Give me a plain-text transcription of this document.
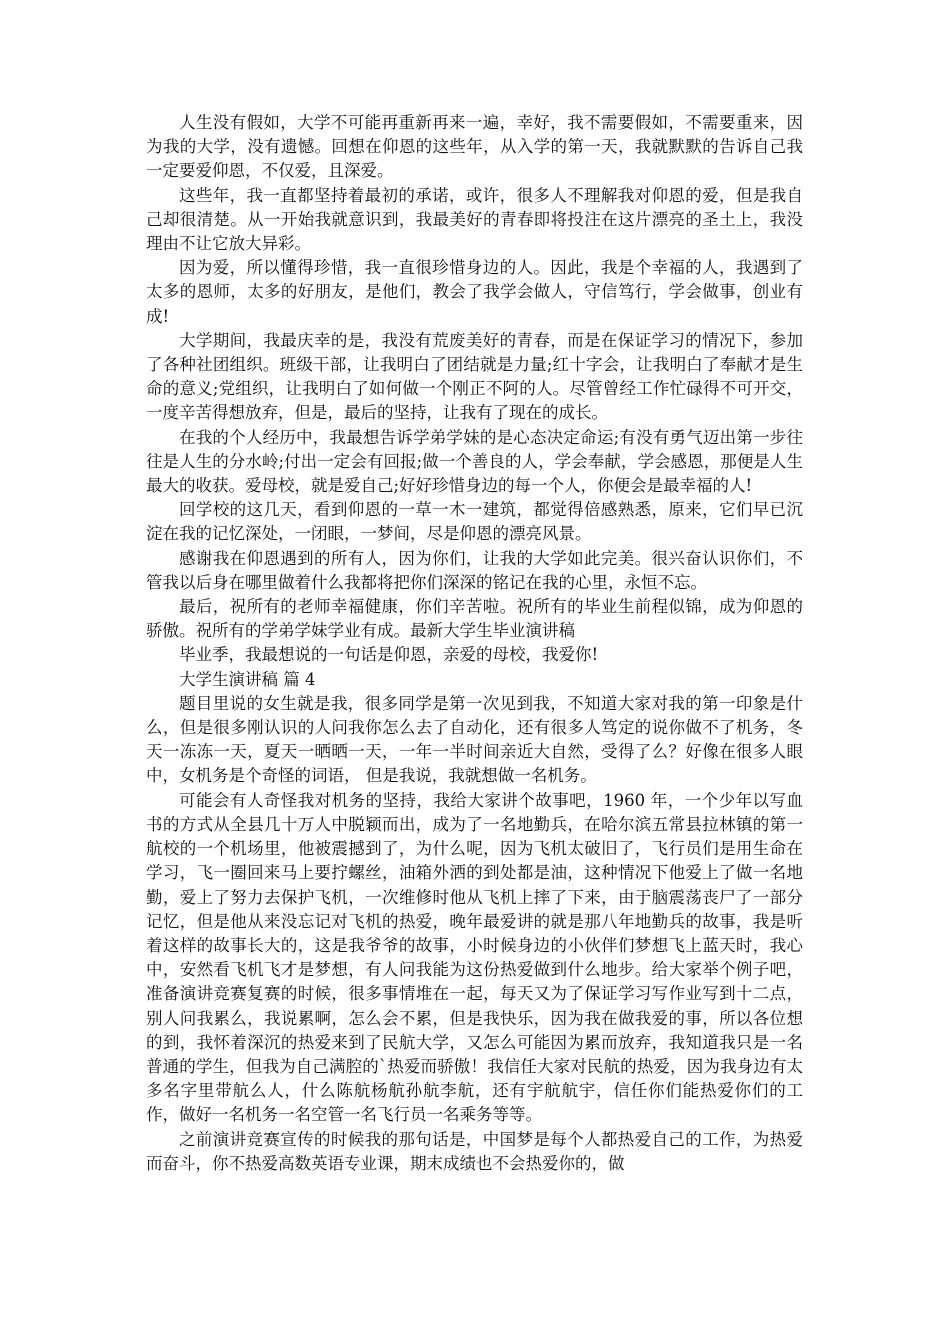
人生没有假如，大学不可能再重新再来一遍，幸好，我不需要假如，不需要重来，因为我的大学，没有遗憾。回想在仰恩的这些年，从入学的第一天，我就默默的告诉自己我一定要爱仰恩，不仅爱，且深爱。

这些年，我一直都坚持着最初的承诺，或许，很多人不理解我对仰恩的爱，但是我自己却很清楚。从一开始我就意识到，我最美好的青春即将投注在这片漂亮的圣土上，我没理由不让它放大异彩。

因为爱，所以懂得珍惜，我一直很珍惜身边的人。因此，我是个幸福的人，我遇到了太多的恩师，太多的好朋友，是他们，教会了我学会做人，守信笃行，学会做事，创业有成!

大学期间，我最庆幸的是，我没有荒废美好的青春，而是在保证学习的情况下，参加了各种社团组织。班级干部，让我明白了团结就是力量;红十字会，让我明白了奉献才是生命的意义;党组织，让我明白了如何做一个刚正不阿的人。尽管曾经工作忙碌得不可开交，一度辛苦得想放弃，但是，最后的坚持，让我有了现在的成长。

在我的个人经历中，我最想告诉学弟学妹的是心态决定命运;有没有勇气迈出第一步往往是人生的分水岭;付出一定会有回报;做一个善良的人，学会奉献，学会感恩，那便是人生最大的收获。爱母校，就是爱自己;好好珍惜身边的每一个人，你便会是最幸福的人!

回学校的这几天，看到仰恩的一草一木一建筑，都觉得倍感熟悉，原来，它们早已沉淀在我的记忆深处，一闭眼，一梦间，尽是仰恩的漂亮风景。

感谢我在仰恩遇到的所有人，因为你们，让我的大学如此完美。很兴奋认识你们，不管我以后身在哪里做着什么我都将把你们深深的铭记在我的心里，永恒不忘。

最后，祝所有的老师幸福健康，你们辛苦啦。祝所有的毕业生前程似锦，成为仰恩的骄傲。祝所有的学弟学妹学业有成。最新大学生毕业演讲稿

毕业季，我最想说的一句话是仰恩，亲爱的母校，我爱你!

大学生演讲稿 篇 4

题目里说的女生就是我，很多同学是第一次见到我，不知道大家对我的第一印象是什么，但是很多刚认识的人问我你怎么去了自动化，还有很多人笃定的说你做不了机务，冬天一冻冻一天，夏天一晒晒一天，一年一半时间亲近大自然，受得了么？好像在很多人眼中，女机务是个奇怪的词语， 但是我说，我就想做一名机务。

可能会有人奇怪我对机务的坚持，我给大家讲个故事吧，1960 年，一个少年以写血书的方式从全县几十万人中脱颖而出，成为了一名地勤兵，在哈尔滨五常县拉林镇的第一航校的一个机场里，他被震撼到了，为什么呢，因为飞机太破旧了，飞行员们是用生命在学习，飞一圈回来马上要拧螺丝，油箱外洒的到处都是油，这种情况下他爱上了做一名地勤，爱上了努力去保护飞机，一次维修时他从飞机上摔了下来，由于脑震荡丧尸了一部分记忆，但是他从来没忘记对飞机的热爱，晚年最爱讲的就是那八年地勤兵的故事，我是听着这样的故事长大的，这是我爷爷的故事，小时候身边的小伙伴们梦想飞上蓝天时，我心中，安然看飞机飞才是梦想，有人问我能为这份热爱做到什么地步。给大家举个例子吧，准备演讲竞赛复赛的时候，很多事情堆在一起，每天又为了保证学习写作业写到十二点，别人问我累么，我说累啊，怎么会不累，但是我快乐，因为我在做我爱的事，所以各位想的到，我怀着深沉的热爱来到了民航大学，又怎么可能因为累而放弃，我知道我只是一名普通的学生，但我为自己满腔的`热爱而骄傲！我信任大家对民航的热爱，因为我身边有太多名字里带航么人，什么陈航杨航孙航李航，还有宇航航宇，信任你们能热爱你们的工作，做好一名机务一名空管一名飞行员一名乘务等等。

之前演讲竞赛宣传的时候我的那句话是，中国梦是每个人都热爱自己的工作，为热爱而奋斗，你不热爱高数英语专业课，期末成绩也不会热爱你的，做
